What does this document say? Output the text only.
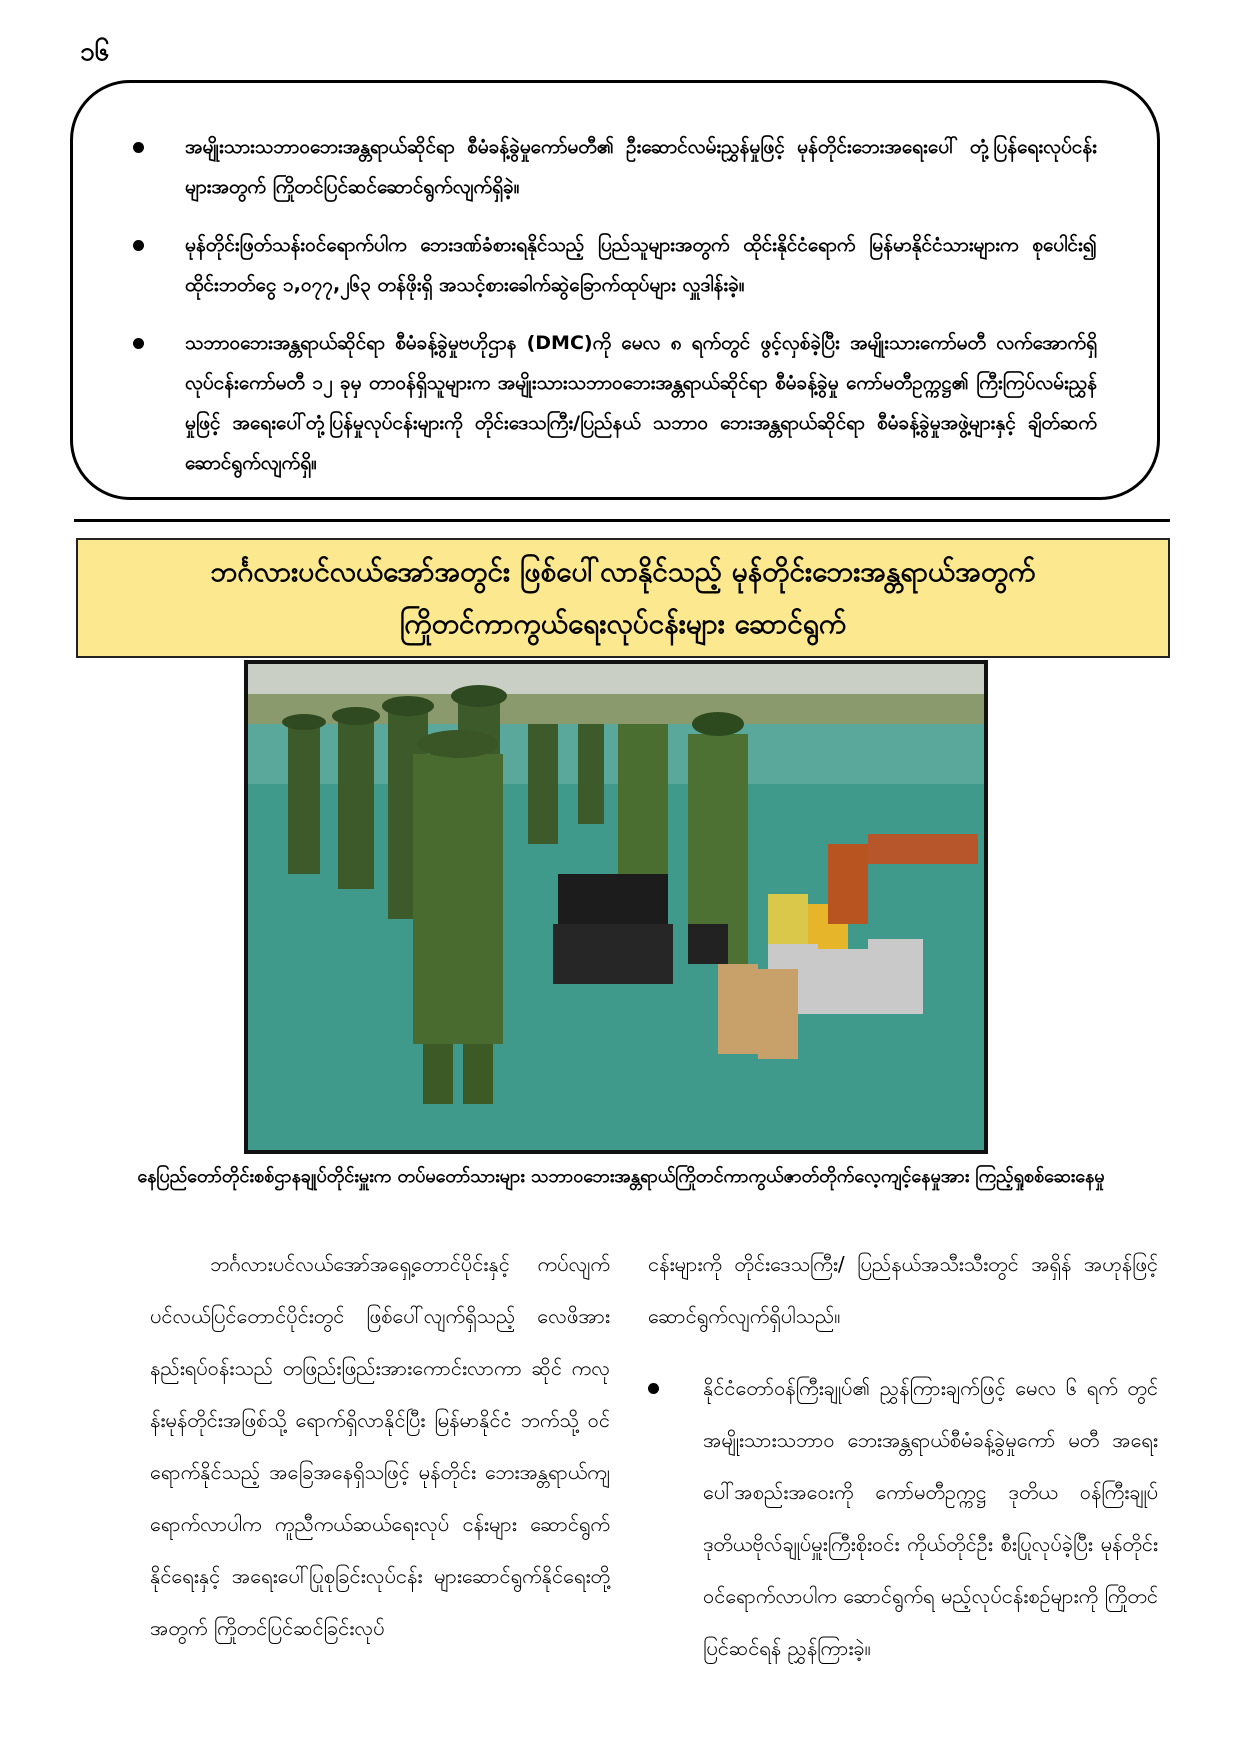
၁၆
အမျိုးသားသဘာဝဘေးအန္တရာယ်ဆိုင်ရာ စီမံခန့်ခွဲမှုကော်မတီ၏ ဦးဆောင်လမ်းညွှန်မှုဖြင့် မုန်တိုင်းဘေးအရေးပေါ် တုံ့ပြန်ရေးလုပ်ငန်းများအတွက် ကြိုတင်ပြင်ဆင်ဆောင်ရွက်လျက်ရှိခဲ့။
မုန်တိုင်းဖြတ်သန်းဝင်ရောက်ပါက ဘေးဒဏ်ခံစားရနိုင်သည့် ပြည်သူများအတွက် ထိုင်းနိုင်ငံရောက် မြန်မာနိုင်ငံသားများက စုပေါင်း၍ ထိုင်းဘတ်ငွေ ၁,၀၇၇,၂၆၃ တန်ဖိုးရှိ အသင့်စားခေါက်ဆွဲခြောက်ထုပ်များ လှူဒါန်းခဲ့။
သဘာဝဘေးအန္တရာယ်ဆိုင်ရာ စီမံခန့်ခွဲမှုဗဟိုဌာန (DMC)ကို မေလ ၈ ရက်တွင် ဖွင့်လှစ်ခဲ့ပြီး အမျိုးသားကော်မတီ လက်အောက်ရှိ လုပ်ငန်းကော်မတီ ၁၂ ခုမှ တာဝန်ရှိသူများက အမျိုးသားသဘာဝဘေးအန္တရာယ်ဆိုင်ရာ စီမံခန့်ခွဲမှု ကော်မတီဥက္ကဋ္ဌ၏ ကြီးကြပ်လမ်းညွှန်မှုဖြင့် အရေးပေါ်တုံ့ပြန်မှုလုပ်ငန်းများကို တိုင်းဒေသကြီး/ပြည်နယ် သဘာဝ ဘေးအန္တရာယ်ဆိုင်ရာ စီမံခန့်ခွဲမှုအဖွဲ့များနှင့် ချိတ်ဆက်ဆောင်ရွက်လျက်ရှိ။
ဘင်္ဂလားပင်လယ်အော်အတွင်း ဖြစ်ပေါ်လာနိုင်သည့် မုန်တိုင်းဘေးအန္တရာယ်အတွက်
ကြိုတင်ကာကွယ်ရေးလုပ်ငန်းများ ဆောင်ရွက်
နေပြည်တော်တိုင်းစစ်ဌာနချုပ်တိုင်းမှူးက တပ်မတော်သားများ သဘာဝဘေးအန္တရာယ်ကြိုတင်ကာကွယ်ဇာတ်တိုက်လေ့ကျင့်နေမှုအား ကြည့်ရှုစစ်ဆေးနေမှု

ဘင်္ဂလားပင်လယ်အော်အရှေ့တောင်ပိုင်းနှင့် ကပ်လျက် ပင်လယ်ပြင်တောင်ပိုင်းတွင် ဖြစ်ပေါ်လျက်ရှိသည့် လေဖိအား နည်းရပ်ဝန်းသည် တဖြည်းဖြည်းအားကောင်းလာကာ ဆိုင် ကလုန်းမုန်တိုင်းအဖြစ်သို့ ရောက်ရှိလာနိုင်ပြီး မြန်မာနိုင်ငံ ဘက်သို့ ဝင်ရောက်နိုင်သည့် အခြေအနေရှိသဖြင့် မုန်တိုင်း ဘေးအန္တရာယ်ကျရောက်လာပါက ကူညီကယ်ဆယ်ရေးလုပ် ငန်းများ ဆောင်ရွက်နိုင်ရေးနှင့် အရေးပေါ်ပြုစုခြင်းလုပ်ငန်း များဆောင်ရွက်နိုင်ရေးတို့အတွက် ကြိုတင်ပြင်ဆင်ခြင်းလုပ်

ငန်းများကို တိုင်းဒေသကြီး/ ပြည်နယ်အသီးသီးတွင် အရှိန် အဟုန်ဖြင့် ဆောင်ရွက်လျက်ရှိပါသည်။

နိုင်ငံတော်ဝန်ကြီးချုပ်၏ ညွှန်ကြားချက်ဖြင့် မေလ ၆ ရက် တွင် အမျိုးသားသဘာဝ ဘေးအန္တရာယ်စီမံခန့်ခွဲမှုကော် မတီ အရေးပေါ်အစည်းအဝေးကို ကော်မတီဥက္ကဋ္ဌ ဒုတိယ ဝန်ကြီးချုပ် ဒုတိယဗိုလ်ချုပ်မှူးကြီးစိုးဝင်း ကိုယ်တိုင်ဦး စီးပြုလုပ်ခဲ့ပြီး မုန်တိုင်းဝင်ရောက်လာပါက ဆောင်ရွက်ရ မည့်လုပ်ငန်းစဉ်များကို ကြိုတင်ပြင်ဆင်ရန် ညွှန်ကြားခဲ့။
